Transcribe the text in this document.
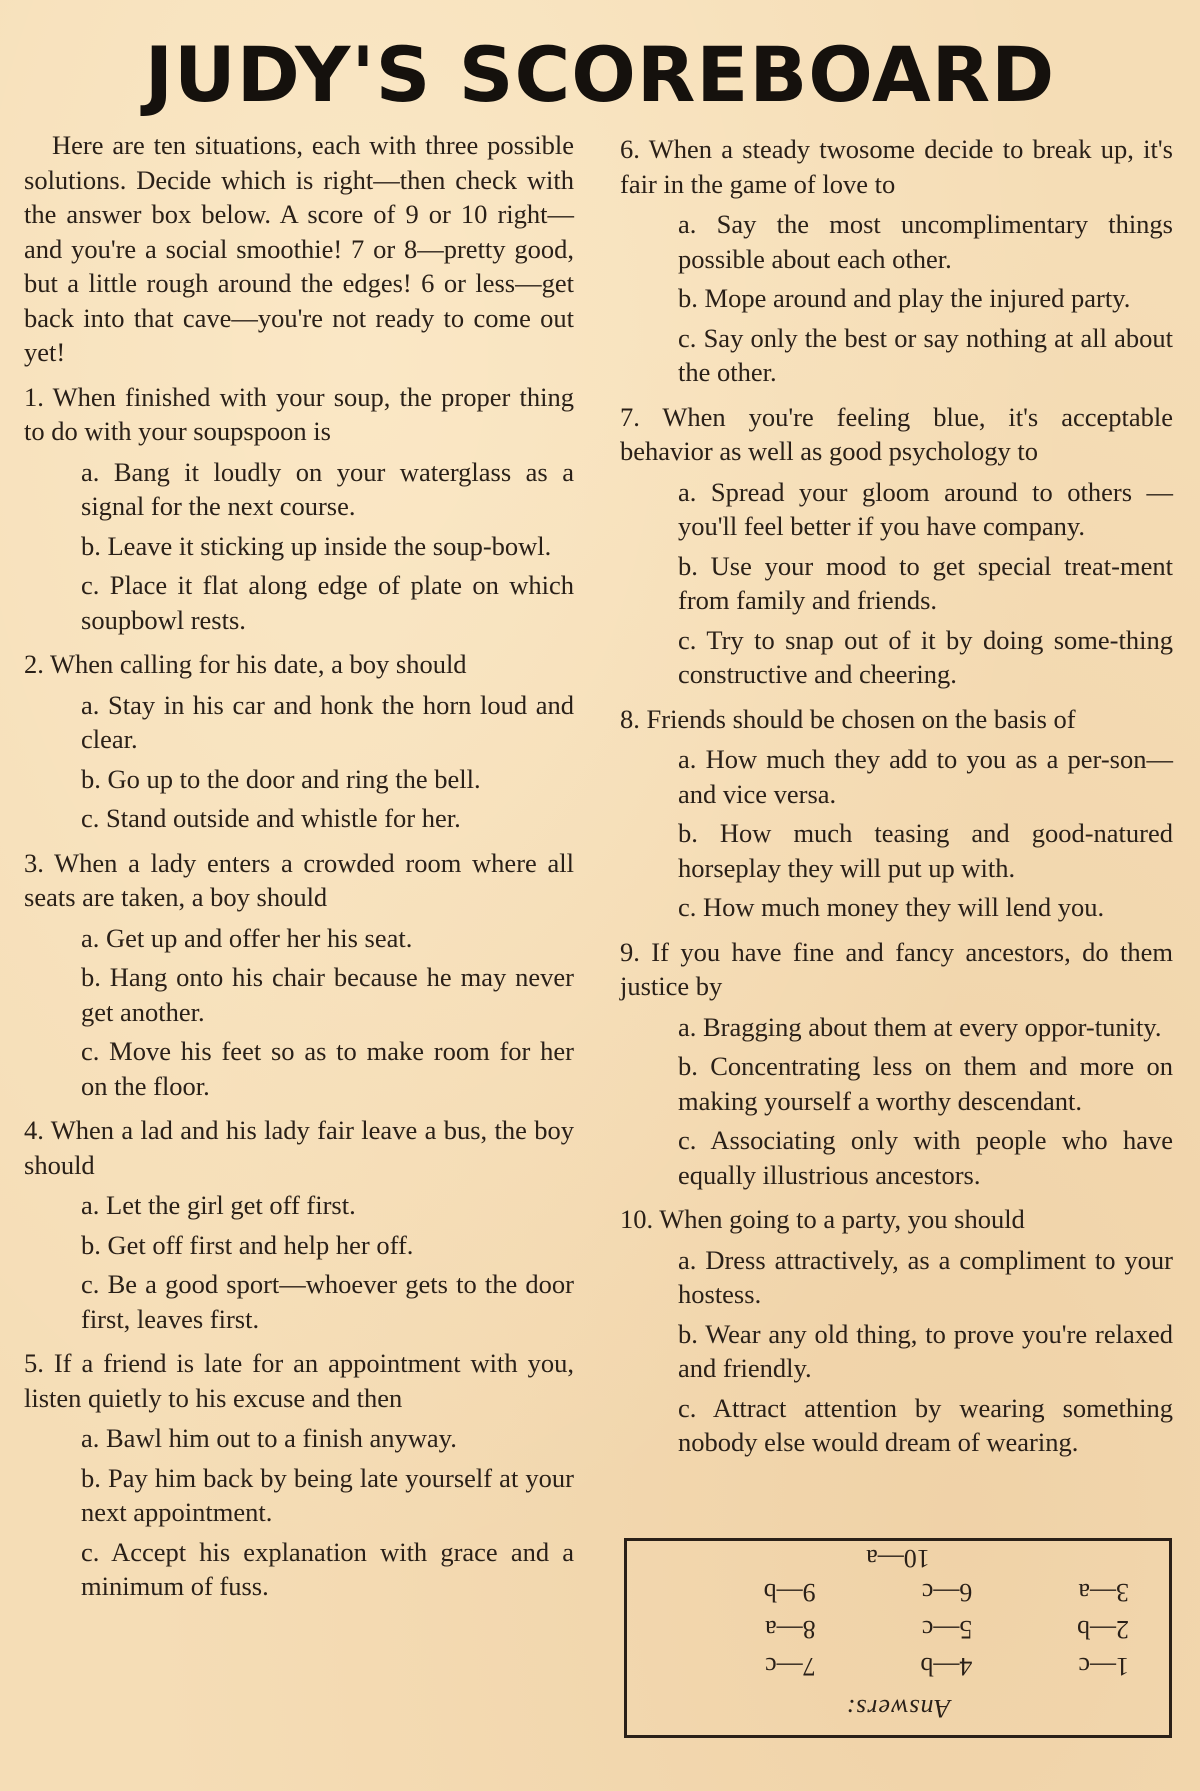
JUDY'S SCOREBOARD

Here are ten situations, each with three possible solutions. Decide which is right—then check with the answer box below. A score of 9 or 10 right—and you're a social smoothie! 7 or 8—pretty good, but a little rough around the edges! 6 or less—get back into that cave—you're not ready to come out yet!

1. When finished with your soup, the proper thing to do with your soupspoon is

a. Bang it loudly on your waterglass as a signal for the next course.

b. Leave it sticking up inside the soup-bowl.

c. Place it flat along edge of plate on which soupbowl rests.

2. When calling for his date, a boy should

a. Stay in his car and honk the horn loud and clear.

b. Go up to the door and ring the bell.

c. Stand outside and whistle for her.

3. When a lady enters a crowded room where all seats are taken, a boy should

a. Get up and offer her his seat.

b. Hang onto his chair because he may never get another.

c. Move his feet so as to make room for her on the floor.

4. When a lad and his lady fair leave a bus, the boy should

a. Let the girl get off first.

b. Get off first and help her off.

c. Be a good sport—whoever gets to the door first, leaves first.

5. If a friend is late for an appointment with you, listen quietly to his excuse and then

a. Bawl him out to a finish anyway.

b. Pay him back by being late yourself at your next appointment.

c. Accept his explanation with grace and a minimum of fuss.

6. When a steady twosome decide to break up, it's fair in the game of love to

a. Say the most uncomplimentary things possible about each other.

b. Mope around and play the injured party.

c. Say only the best or say nothing at all about the other.

7. When you're feeling blue, it's acceptable behavior as well as good psychology to

a. Spread your gloom around to others —you'll feel better if you have company.

b. Use your mood to get special treat-ment from family and friends.

c. Try to snap out of it by doing some-thing constructive and cheering.

8. Friends should be chosen on the basis of

a. How much they add to you as a per-son—and vice versa.

b. How much teasing and good-natured horseplay they will put up with.

c. How much money they will lend you.

9. If you have fine and fancy ancestors, do them justice by

a. Bragging about them at every oppor-tunity.

b. Concentrating less on them and more on making yourself a worthy descendant.

c. Associating only with people who have equally illustrious ancestors.

10. When going to a party, you should

a. Dress attractively, as a compliment to your hostess.

b. Wear any old thing, to prove you're relaxed and friendly.

c. Attract attention by wearing something nobody else would dream of wearing.

Answers:
1—c
4—b
7—c
2—b
5—c
8—a
3—a
6—c
9—b
10—a
